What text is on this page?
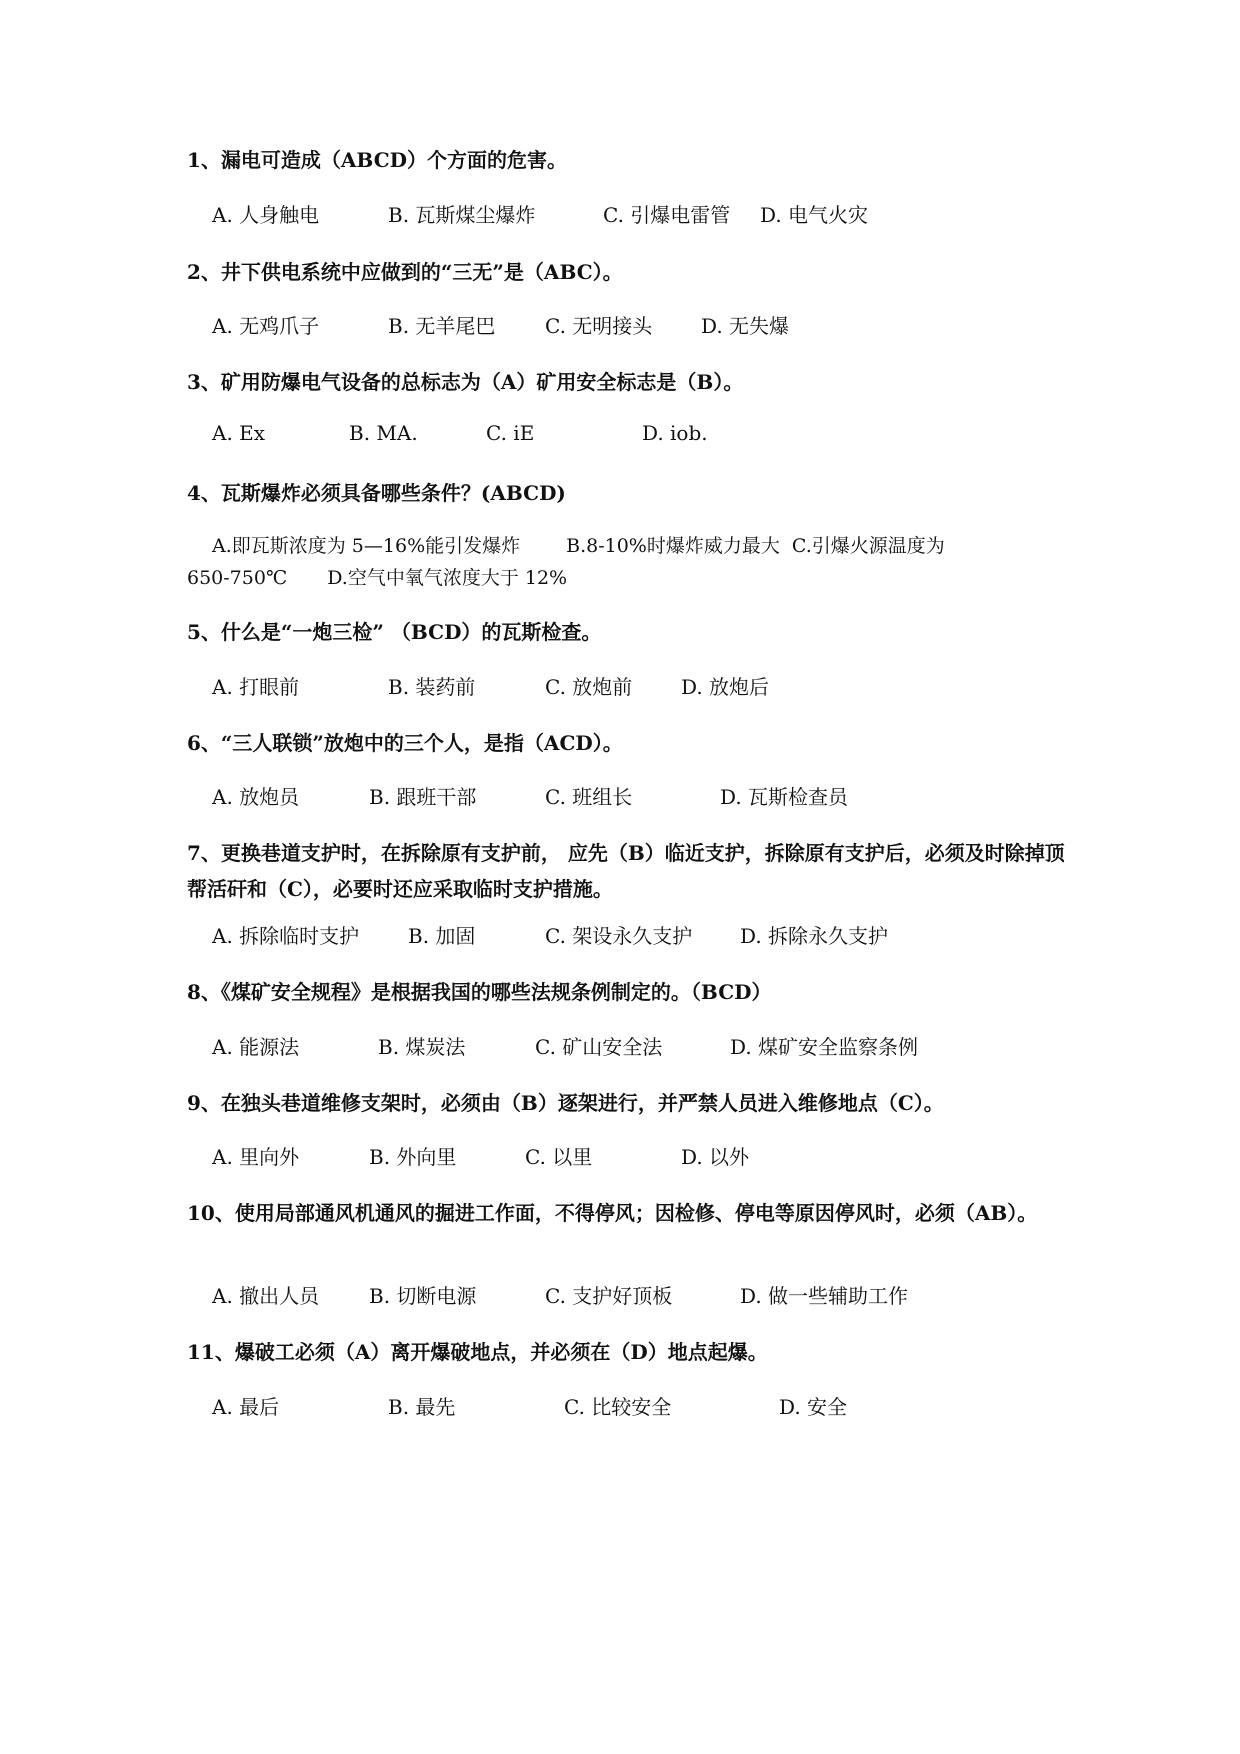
1、漏电可造成（ABCD）个方面的危害。
A. 人身触电	B. 瓦斯煤尘爆炸	C. 引爆电雷管 D. 电气火灾
2、井下供电系统中应做到的“三无”是（ABC）。
A. 无鸡爪子	B. 无羊尾巴 C. 无明接头 D. 无失爆
3、矿用防爆电气设备的总标志为（A）矿用安全标志是（B）。
A. Ex	B. MA.	C. iE	D. iob.
4、瓦斯爆炸必须具备哪些条件？(ABCD)
A.即瓦斯浓度为 5—16%能引发爆炸 B.8-10%时爆炸威力最大 C.引爆火源温度为
650-750℃ D.空气中氧气浓度大于 12%
5、什么是“一炮三检” （BCD）的瓦斯检查。
A. 打眼前	B. 装药前	C. 放炮前 D. 放炮后
6、“三人联锁”放炮中的三个人，是指（ACD）。
A. 放炮员	B. 跟班干部	C. 班组长	D. 瓦斯检查员
7、更换巷道支护时，在拆除原有支护前， 应先（B）临近支护，拆除原有支护后，必须及时除掉顶帮活矸和（C），必要时还应采取临时支护措施。
A. 拆除临时支护 B. 加固	C. 架设永久支护 D. 拆除永久支护
8、《煤矿安全规程》是根据我国的哪些法规条例制定的。（BCD）
A. 能源法	B. 煤炭法	C. 矿山安全法	D. 煤矿安全监察条例
9、在独头巷道维修支架时，必须由（B）逐架进行，并严禁人员进入维修地点（C）。
A. 里向外	B. 外向里	C. 以里	D. 以外
10、使用局部通风机通风的掘进工作面，不得停风；因检修、停电等原因停风时，必须（AB）。
A. 撤出人员 B. 切断电源	C. 支护好顶板	D. 做一些辅助工作
11、爆破工必须（A）离开爆破地点，并必须在（D）地点起爆。
A. 最后	B. 最先	C. 比较安全	D. 安全
